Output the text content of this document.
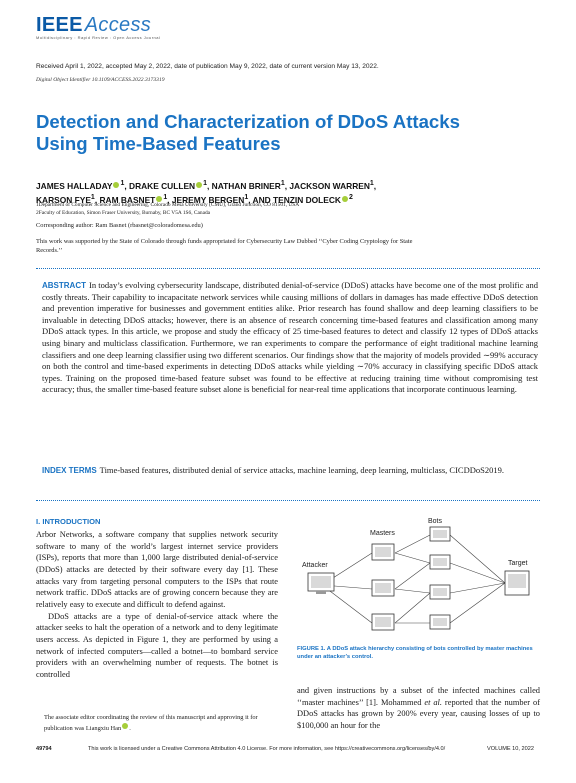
IEEE Access
Multidisciplinary : Rapid Review : Open Access Journal
Received April 1, 2022, accepted May 2, 2022, date of publication May 9, 2022, date of current version May 13, 2022.
Digital Object Identifier 10.1109/ACCESS.2022.3173319
Detection and Characterization of DDoS Attacks Using Time-Based Features
JAMES HALLADAY $^1$, DRAKE CULLEN $^1$, NATHAN BRINER$^1$, JACKSON WARREN$^1$,
KARSON FYE$^1$, RAM BASNET $^1$, JEREMY BERGEN$^1$, AND TENZIN DOLECK $^2$
1Department of Computer Science and Engineering, Colorado Mesa University (CMU), Grand Junction, CO 81501, USA
2Faculty of Education, Simon Fraser University, Burnaby, BC V5A 1S6, Canada
Corresponding author: Ram Basnet (rbasnet@coloradomesa.edu)
This work was supported by the State of Colorado through funds appropriated for Cybersecurity Law Dubbed ‘‘Cyber Coding Cryptology for State Records.’’
ABSTRACT In today’s evolving cybersecurity landscape, distributed denial-of-service (DDoS) attacks have become one of the most prolific and costly threats. Their capability to incapacitate network services while causing millions of dollars in damages has made effective DDoS detection and prevention imperative for businesses and government entities alike. Prior research has found shallow and deep learning classifiers to be invaluable in detecting DDoS attacks; however, there is an absence of research concerning time-based features and classification among many DDoS attack types. In this article, we propose and study the efficacy of 25 time-based features to detect and classify 12 types of DDoS attacks using binary and multiclass classification. Furthermore, we ran experiments to compare the performance of eight traditional machine learning classifiers and one deep learning classifier using two different scenarios. Our findings show that the majority of models provided ∼99% accuracy on both the control and time-based experiments in detecting DDoS attacks while yielding ∼70% accuracy in classifying specific DDoS attack types. Training on the proposed time-based feature subset was found to be effective at reducing training time without compromising test accuracy; thus, the smaller time-based feature subset alone is beneficial for near-real time applications that incorporate continuous learning.
INDEX TERMS Time-based features, distributed denial of service attacks, machine learning, deep learning, multiclass, CICDDoS2019.
I. INTRODUCTION

Arbor Networks, a software company that supplies network security software to many of the world’s largest internet service providers (ISPs), reports that more than 1,000 large distributed denial-of-service (DDoS) attacks are detected by their software every day [1]. These attacks vary from targeting personal computers to the ISPs that route network traffic. DDoS attacks are of growing concern because they are relatively easy to execute and difficult to defend against.

DDoS attacks are a type of denial-of-service attack where the attacker seeks to halt the operation of a network and to deny legitimate users access. As depicted in Figure 1, they are performed by using a network of infected computers—called a botnet—to bombard service providers with an overwhelming number of requests. The botnet is controlled

Attacker
Masters
Bots
Target
FIGURE 1. A DDoS attack hierarchy consisting of bots controlled by master machines under an attacker’s control.

and given instructions by a subset of the infected machines called ‘‘master machines’’ [1]. Mohammed et al. reported that the number of DDoS attacks has grown by 200% every year, causing losses of up to $100,000 an hour for the

The associate editor coordinating the review of this manuscript and approving it for publication was Liangxiu Han .
49794	This work is licensed under a Creative Commons Attribution 4.0 License. For more information, see https://creativecommons.org/licenses/by/4.0/	VOLUME 10, 2022
